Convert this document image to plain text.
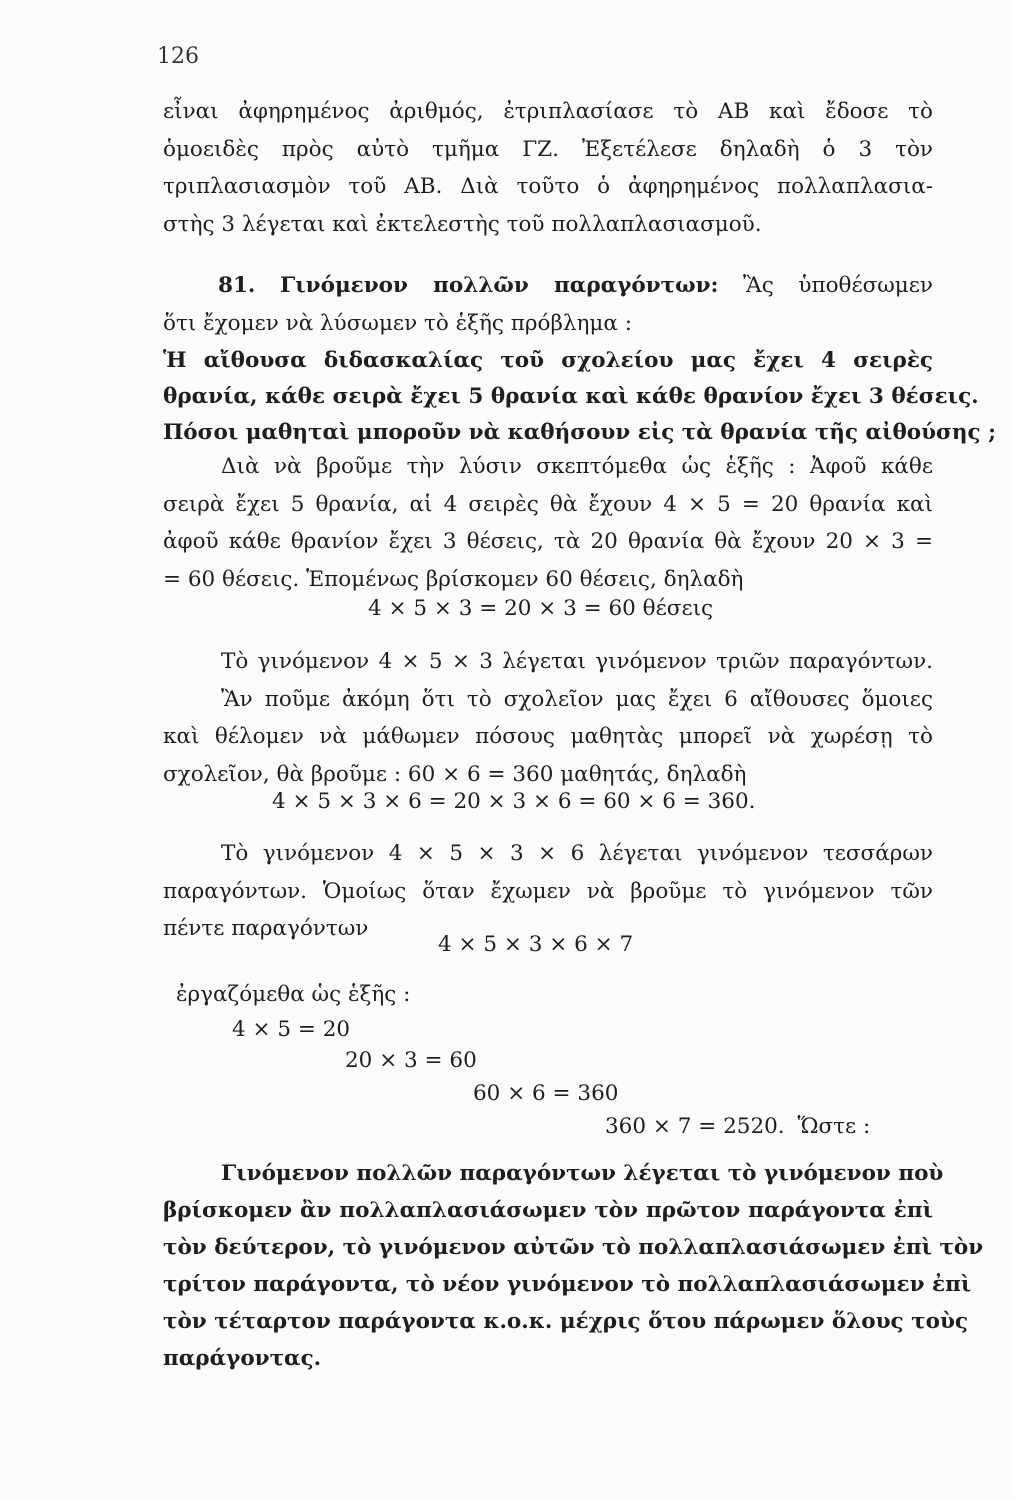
126
εἶναι ἀφηρημένος ἀριθμός, ἐτριπλασίασε τὸ ΑΒ καὶ ἔδοσε τὸ
ὁμοειδὲς πρὸς αὐτὸ τμῆμα ΓΖ. Ἐξετέλεσε δηλαδὴ ὁ 3 τὸν
τριπλασιασμὸν τοῦ ΑΒ. Διὰ τοῦτο ὁ ἀφηρημένος πολλαπλασια-
στὴς 3 λέγεται καὶ ἐκτελεστὴς τοῦ πολλαπλασιασμοῦ.
81. Γινόμενον πολλῶν παραγόντων: Ἂς ὑποθέσωμεν
ὅτι ἔχομεν νὰ λύσωμεν τὸ ἑξῆς πρόβλημα :
Ἡ αἴθουσα διδασκαλίας τοῦ σχολείου μας ἔχει 4 σειρὲς
θρανία, κάθε σειρὰ ἔχει 5 θρανία καὶ κάθε θρανίον ἔχει 3 θέσεις.
Πόσοι μαθηταὶ μποροῦν νὰ καθήσουν εἰς τὰ θρανία τῆς αἰθούσης ;
Διὰ νὰ βροῦμε τὴν λύσιν σκεπτόμεθα ὡς ἑξῆς : Ἀφοῦ κάθε
σειρὰ ἔχει 5 θρανία, αἱ 4 σειρὲς θὰ ἔχουν 4 × 5 = 20 θρανία καὶ
ἀφοῦ κάθε θρανίον ἔχει 3 θέσεις, τὰ 20 θρανία θὰ ἔχουν 20 × 3 =
= 60 θέσεις. Ἑπομένως βρίσκομεν 60 θέσεις, δηλαδὴ
4 × 5 × 3 = 20 × 3 = 60 θέσεις
Τὸ γινόμενον 4 × 5 × 3 λέγεται γινόμενον τριῶν παραγόντων.
Ἂν ποῦμε ἀκόμη ὅτι τὸ σχολεῖον μας ἔχει 6 αἴθουσες ὅμοιες
καὶ θέλομεν νὰ μάθωμεν πόσους μαθητὰς μπορεῖ νὰ χωρέσῃ τὸ
σχολεῖον, θὰ βροῦμε : 60 × 6 = 360 μαθητάς, δηλαδὴ
4 × 5 × 3 × 6 = 20 × 3 × 6 = 60 × 6 = 360.
Τὸ γινόμενον 4 × 5 × 3 × 6 λέγεται γινόμενον τεσσάρων
παραγόντων. Ὁμοίως ὅταν ἔχωμεν νὰ βροῦμε τὸ γινόμενον τῶν
πέντε παραγόντων
4 × 5 × 3 × 6 × 7
ἐργαζόμεθα ὡς ἑξῆς :
4 × 5 = 20
20 × 3 = 60
60 × 6 = 360
360 × 7 = 2520. Ὥστε :
Γινόμενον πολλῶν παραγόντων λέγεται τὸ γινόμενον ποὺ
βρίσκομεν ἂν πολλαπλασιάσωμεν τὸν πρῶτον παράγοντα ἐπὶ
τὸν δεύτερον, τὸ γινόμενον αὐτῶν τὸ πολλαπλασιάσωμεν ἐπὶ τὸν
τρίτον παράγοντα, τὸ νέον γινόμενον τὸ πολλαπλασιάσωμεν ἐπὶ
τὸν τέταρτον παράγοντα κ.ο.κ. μέχρις ὅτου πάρωμεν ὅλους τοὺς
παράγοντας.
